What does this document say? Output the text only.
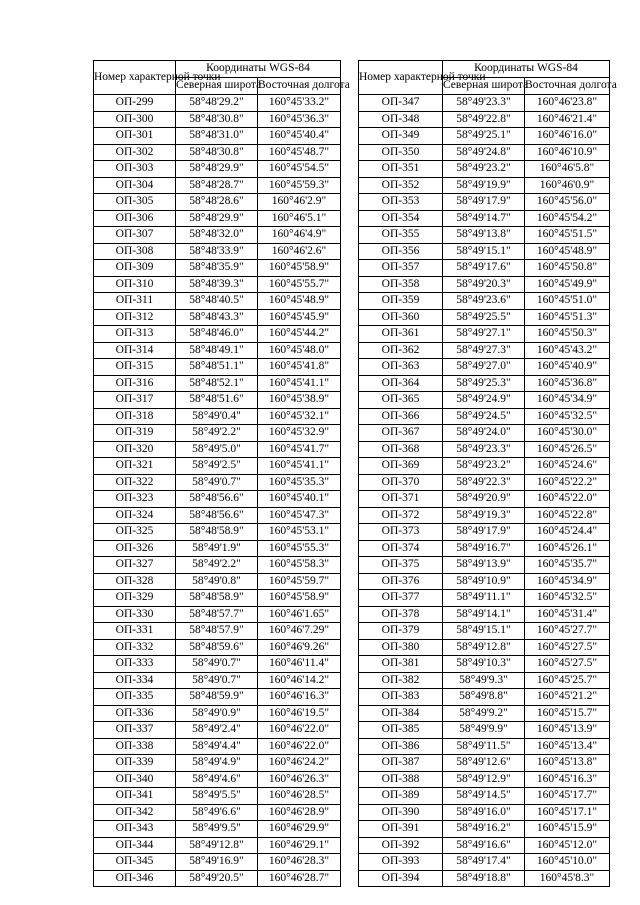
Номер характерной точки	Координаты WGS-84	
	Северная широта	Восточная долгота
ОП-299	58°48'29.2"	160°45'33.2"
ОП-300	58°48'30.8"	160°45'36.3"
ОП-301	58°48'31.0"	160°45'40.4"
ОП-302	58°48'30.8"	160°45'48.7"
ОП-303	58°48'29.9"	160°45'54.5"
ОП-304	58°48'28.7"	160°45'59.3"
ОП-305	58°48'28.6"	160°46'2.9"
ОП-306	58°48'29.9"	160°46'5.1"
ОП-307	58°48'32.0"	160°46'4.9"
ОП-308	58°48'33.9"	160°46'2.6"
ОП-309	58°48'35.9"	160°45'58.9"
ОП-310	58°48'39.3"	160°45'55.7"
ОП-311	58°48'40.5"	160°45'48.9"
ОП-312	58°48'43.3"	160°45'45.9"
ОП-313	58°48'46.0"	160°45'44.2"
ОП-314	58°48'49.1"	160°45'48.0"
ОП-315	58°48'51.1"	160°45'41.8"
ОП-316	58°48'52.1"	160°45'41.1"
ОП-317	58°48'51.6"	160°45'38.9"
ОП-318	58°49'0.4"	160°45'32.1"
ОП-319	58°49'2.2"	160°45'32.9"
ОП-320	58°49'5.0"	160°45'41.7"
ОП-321	58°49'2.5"	160°45'41.1"
ОП-322	58°49'0.7"	160°45'35.3"
ОП-323	58°48'56.6"	160°45'40.1"
ОП-324	58°48'56.6"	160°45'47.3"
ОП-325	58°48'58.9"	160°45'53.1"
ОП-326	58°49'1.9"	160°45'55.3"
ОП-327	58°49'2.2"	160°45'58.3"
ОП-328	58°49'0.8"	160°45'59.7"
ОП-329	58°48'58.9"	160°45'58.9"
ОП-330	58°48'57.7"	160°46'1.65"
ОП-331	58°48'57.9"	160°46'7.29"
ОП-332	58°48'59.6"	160°46'9.26"
ОП-333	58°49'0.7"	160°46'11.4"
ОП-334	58°49'0.7"	160°46'14.2"
ОП-335	58°48'59.9"	160°46'16.3"
ОП-336	58°49'0.9"	160°46'19.5"
ОП-337	58°49'2.4"	160°46'22.0"
ОП-338	58°49'4.4"	160°46'22.0"
ОП-339	58°49'4.9"	160°46'24.2"
ОП-340	58°49'4.6"	160°46'26.3"
ОП-341	58°49'5.5"	160°46'28.5"
ОП-342	58°49'6.6"	160°46'28.9"
ОП-343	58°49'9.5"	160°46'29.9"
ОП-344	58°49'12.8"	160°46'29.1"
ОП-345	58°49'16.9"	160°46'28.3"
ОП-346	58°49'20.5"	160°46'28.7"
Номер характерной точки	Координаты WGS-84	
	Северная широта	Восточная долгота
ОП-347	58°49'23.3"	160°46'23.8"
ОП-348	58°49'22.8"	160°46'21.4"
ОП-349	58°49'25.1"	160°46'16.0"
ОП-350	58°49'24.8"	160°46'10.9"
ОП-351	58°49'23.2"	160°46'5.8"
ОП-352	58°49'19.9"	160°46'0.9"
ОП-353	58°49'17.9"	160°45'56.0"
ОП-354	58°49'14.7"	160°45'54.2"
ОП-355	58°49'13.8"	160°45'51.5"
ОП-356	58°49'15.1"	160°45'48.9"
ОП-357	58°49'17.6"	160°45'50.8"
ОП-358	58°49'20.3"	160°45'49.9"
ОП-359	58°49'23.6"	160°45'51.0"
ОП-360	58°49'25.5"	160°45'51.3"
ОП-361	58°49'27.1"	160°45'50.3"
ОП-362	58°49'27.3"	160°45'43.2"
ОП-363	58°49'27.0"	160°45'40.9"
ОП-364	58°49'25.3"	160°45'36.8"
ОП-365	58°49'24.9"	160°45'34.9"
ОП-366	58°49'24.5"	160°45'32.5"
ОП-367	58°49'24.0"	160°45'30.0"
ОП-368	58°49'23.3"	160°45'26.5"
ОП-369	58°49'23.2"	160°45'24.6"
ОП-370	58°49'22.3"	160°45'22.2"
ОП-371	58°49'20.9"	160°45'22.0"
ОП-372	58°49'19.3"	160°45'22.8"
ОП-373	58°49'17.9"	160°45'24.4"
ОП-374	58°49'16.7"	160°45'26.1"
ОП-375	58°49'13.9"	160°45'35.7"
ОП-376	58°49'10.9"	160°45'34.9"
ОП-377	58°49'11.1"	160°45'32.5"
ОП-378	58°49'14.1"	160°45'31.4"
ОП-379	58°49'15.1"	160°45'27.7"
ОП-380	58°49'12.8"	160°45'27.5"
ОП-381	58°49'10.3"	160°45'27.5"
ОП-382	58°49'9.3"	160°45'25.7"
ОП-383	58°49'8.8"	160°45'21.2"
ОП-384	58°49'9.2"	160°45'15.7"
ОП-385	58°49'9.9"	160°45'13.9"
ОП-386	58°49'11.5"	160°45'13.4"
ОП-387	58°49'12.6"	160°45'13.8"
ОП-388	58°49'12.9"	160°45'16.3"
ОП-389	58°49'14.5"	160°45'17.7"
ОП-390	58°49'16.0"	160°45'17.1"
ОП-391	58°49'16.2"	160°45'15.9"
ОП-392	58°49'16.6"	160°45'12.0"
ОП-393	58°49'17.4"	160°45'10.0"
ОП-394	58°49'18.8"	160°45'8.3"
